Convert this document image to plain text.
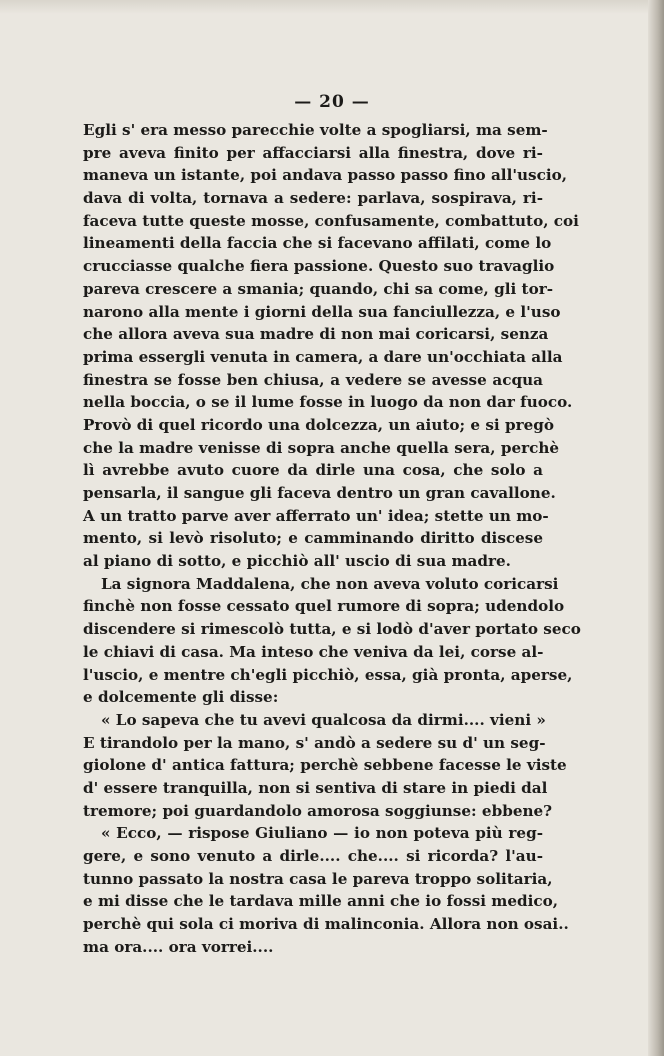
— 20 —
Egli s' era messo parecchie volte a spogliarsi, ma sem-
pre aveva finito per affacciarsi alla finestra, dove ri-
maneva un istante, poi andava passo passo fino all'uscio,
dava di volta, tornava a sedere: parlava, sospirava, ri-
faceva tutte queste mosse, confusamente, combattuto, coi
lineamenti della faccia che si facevano affilati, come lo
crucciasse qualche fiera passione. Questo suo travaglio
pareva crescere a smania; quando, chi sa come, gli tor-
narono alla mente i giorni della sua fanciullezza, e l'uso
che allora aveva sua madre di non mai coricarsi, senza
prima essergli venuta in camera, a dare un'occhiata alla
finestra se fosse ben chiusa, a vedere se avesse acqua
nella boccia, o se il lume fosse in luogo da non dar fuoco.
Provò di quel ricordo una dolcezza, un aiuto; e si pregò
che la madre venisse di sopra anche quella sera, perchè
lì avrebbe avuto cuore da dirle una cosa, che solo a
pensarla, il sangue gli faceva dentro un gran cavallone.
A un tratto parve aver afferrato un' idea; stette un mo-
mento, si levò risoluto; e camminando diritto discese
al piano di sotto, e picchiò all' uscio di sua madre.
La signora Maddalena, che non aveva voluto coricarsi
finchè non fosse cessato quel rumore di sopra; udendolo
discendere si rimescolò tutta, e si lodò d'aver portato seco
le chiavi di casa. Ma inteso che veniva da lei, corse al-
l'uscio, e mentre ch'egli picchiò, essa, già pronta, aperse,
e dolcemente gli disse:
« Lo sapeva che tu avevi qualcosa da dirmi.... vieni »
E tirandolo per la mano, s' andò a sedere su d' un seg-
giolone d' antica fattura; perchè sebbene facesse le viste
d' essere tranquilla, non si sentiva di stare in piedi dal
tremore; poi guardandolo amorosa soggiunse: ebbene?
« Ecco, — rispose Giuliano — io non poteva più reg-
gere, e sono venuto a dirle.... che.... si ricorda? l'au-
tunno passato la nostra casa le pareva troppo solitaria,
e mi disse che le tardava mille anni che io fossi medico,
perchè qui sola ci moriva di malinconia. Allora non osai..
ma ora.... ora vorrei....
